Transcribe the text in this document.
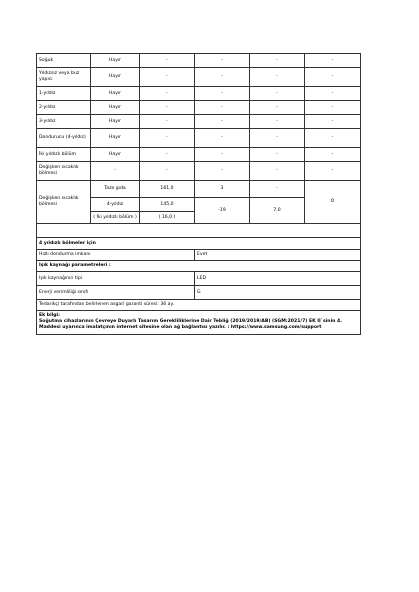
Soğuk	Hayır	-	-	-	-
Yıldızsız veya buz yapıcı	Hayır	-	-	-	-
1-yıldız	Hayır	-	-	-	-
2-yıldız	Hayır	-	-	-	-
3-yıldız	Hayır	-	-	-	-
Dondurucu (4-yıldız)	Hayır	-	-	-	-
İki yıldızlı bölüm	Hayır	-	-	-	-
Değişken sıcaklık bölmesi	-	-	-	-	-
Değişken sıcaklık bölmesi	Taze gıda	161,0	3	-	O
	4-yıldız	145,0	-19	7,0	
	( İki yıldızlı bölüm )	( 16,0 )			

4 yıldızlı bölmeler için					
Hızlı dondurma imkanı			Evet		
Işık kaynağı parametreleri :					
Işık kaynağının tipi			LED		
Enerji verimliliği sınıfı			G		
Tedarikçi tarafından belirlenen asgari garanti süresi: 36 ay.					

Ek bilgi:
Soğutma cihazlarının Çevreye Duyarlı Tasarım Gerekliliklerine Dair Tebliğ (2019/2019/AB) (SGM:2021/7) EK II`sinin 4. Maddesi uyarınca imalatçının internet sitesine olan ağ bağlantısı yazılır. : https://www.samsung.com/support					
